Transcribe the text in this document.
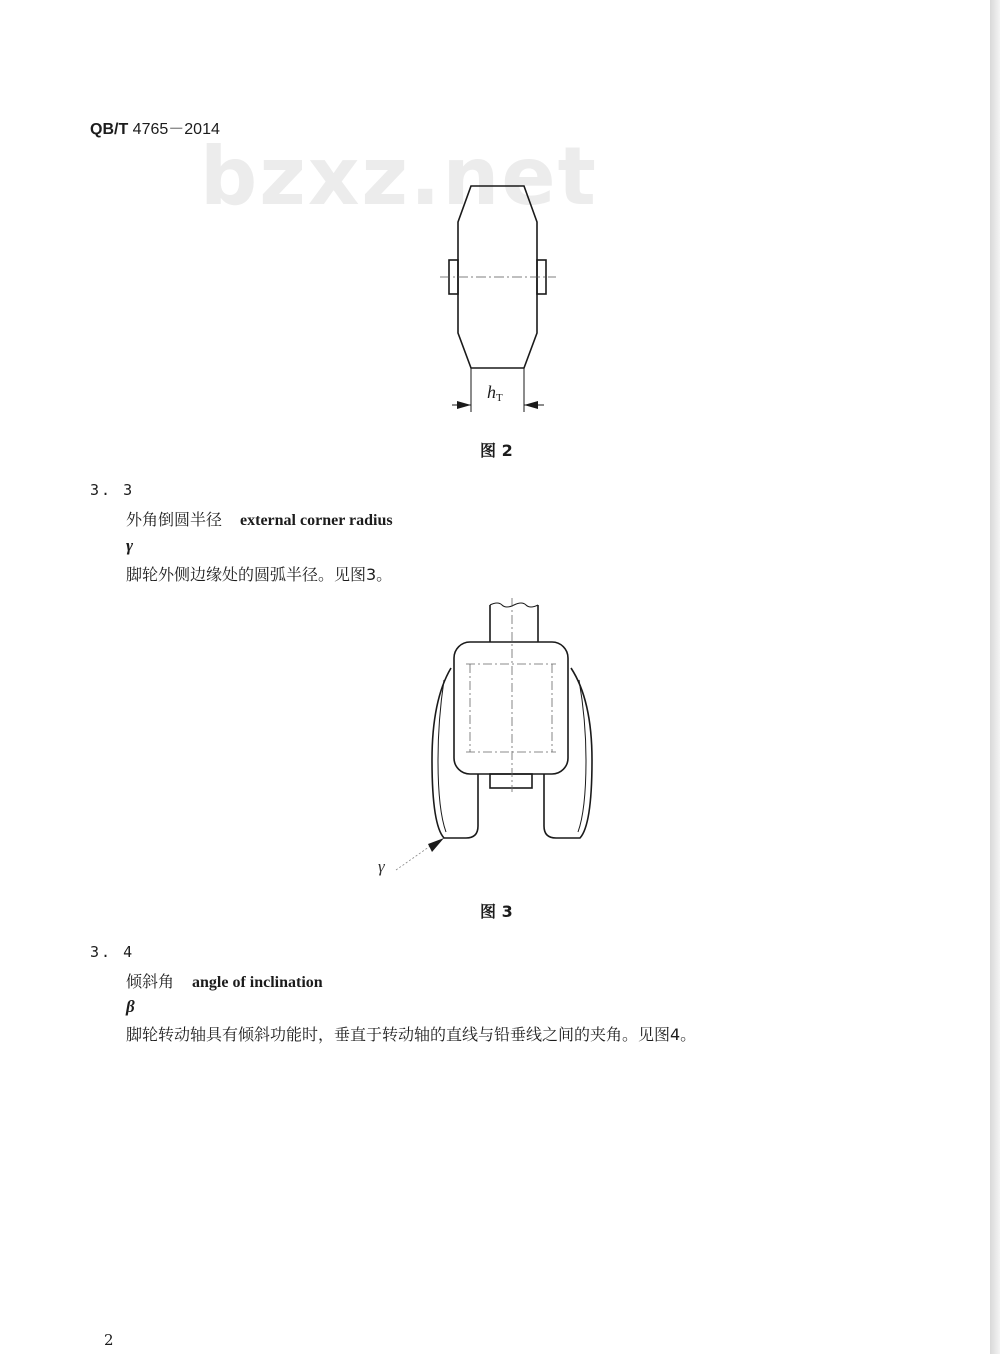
QB/T 4765－2014
bzxz.net
hT
图 2
3. 3
外角倒圆半径 external corner radius
γ
脚轮外侧边缘处的圆弧半径。见图3。
γ
图 3
3. 4
倾斜角 angle of inclination
β
脚轮转动轴具有倾斜功能时，垂直于转动轴的直线与铅垂线之间的夹角。见图4。
2
